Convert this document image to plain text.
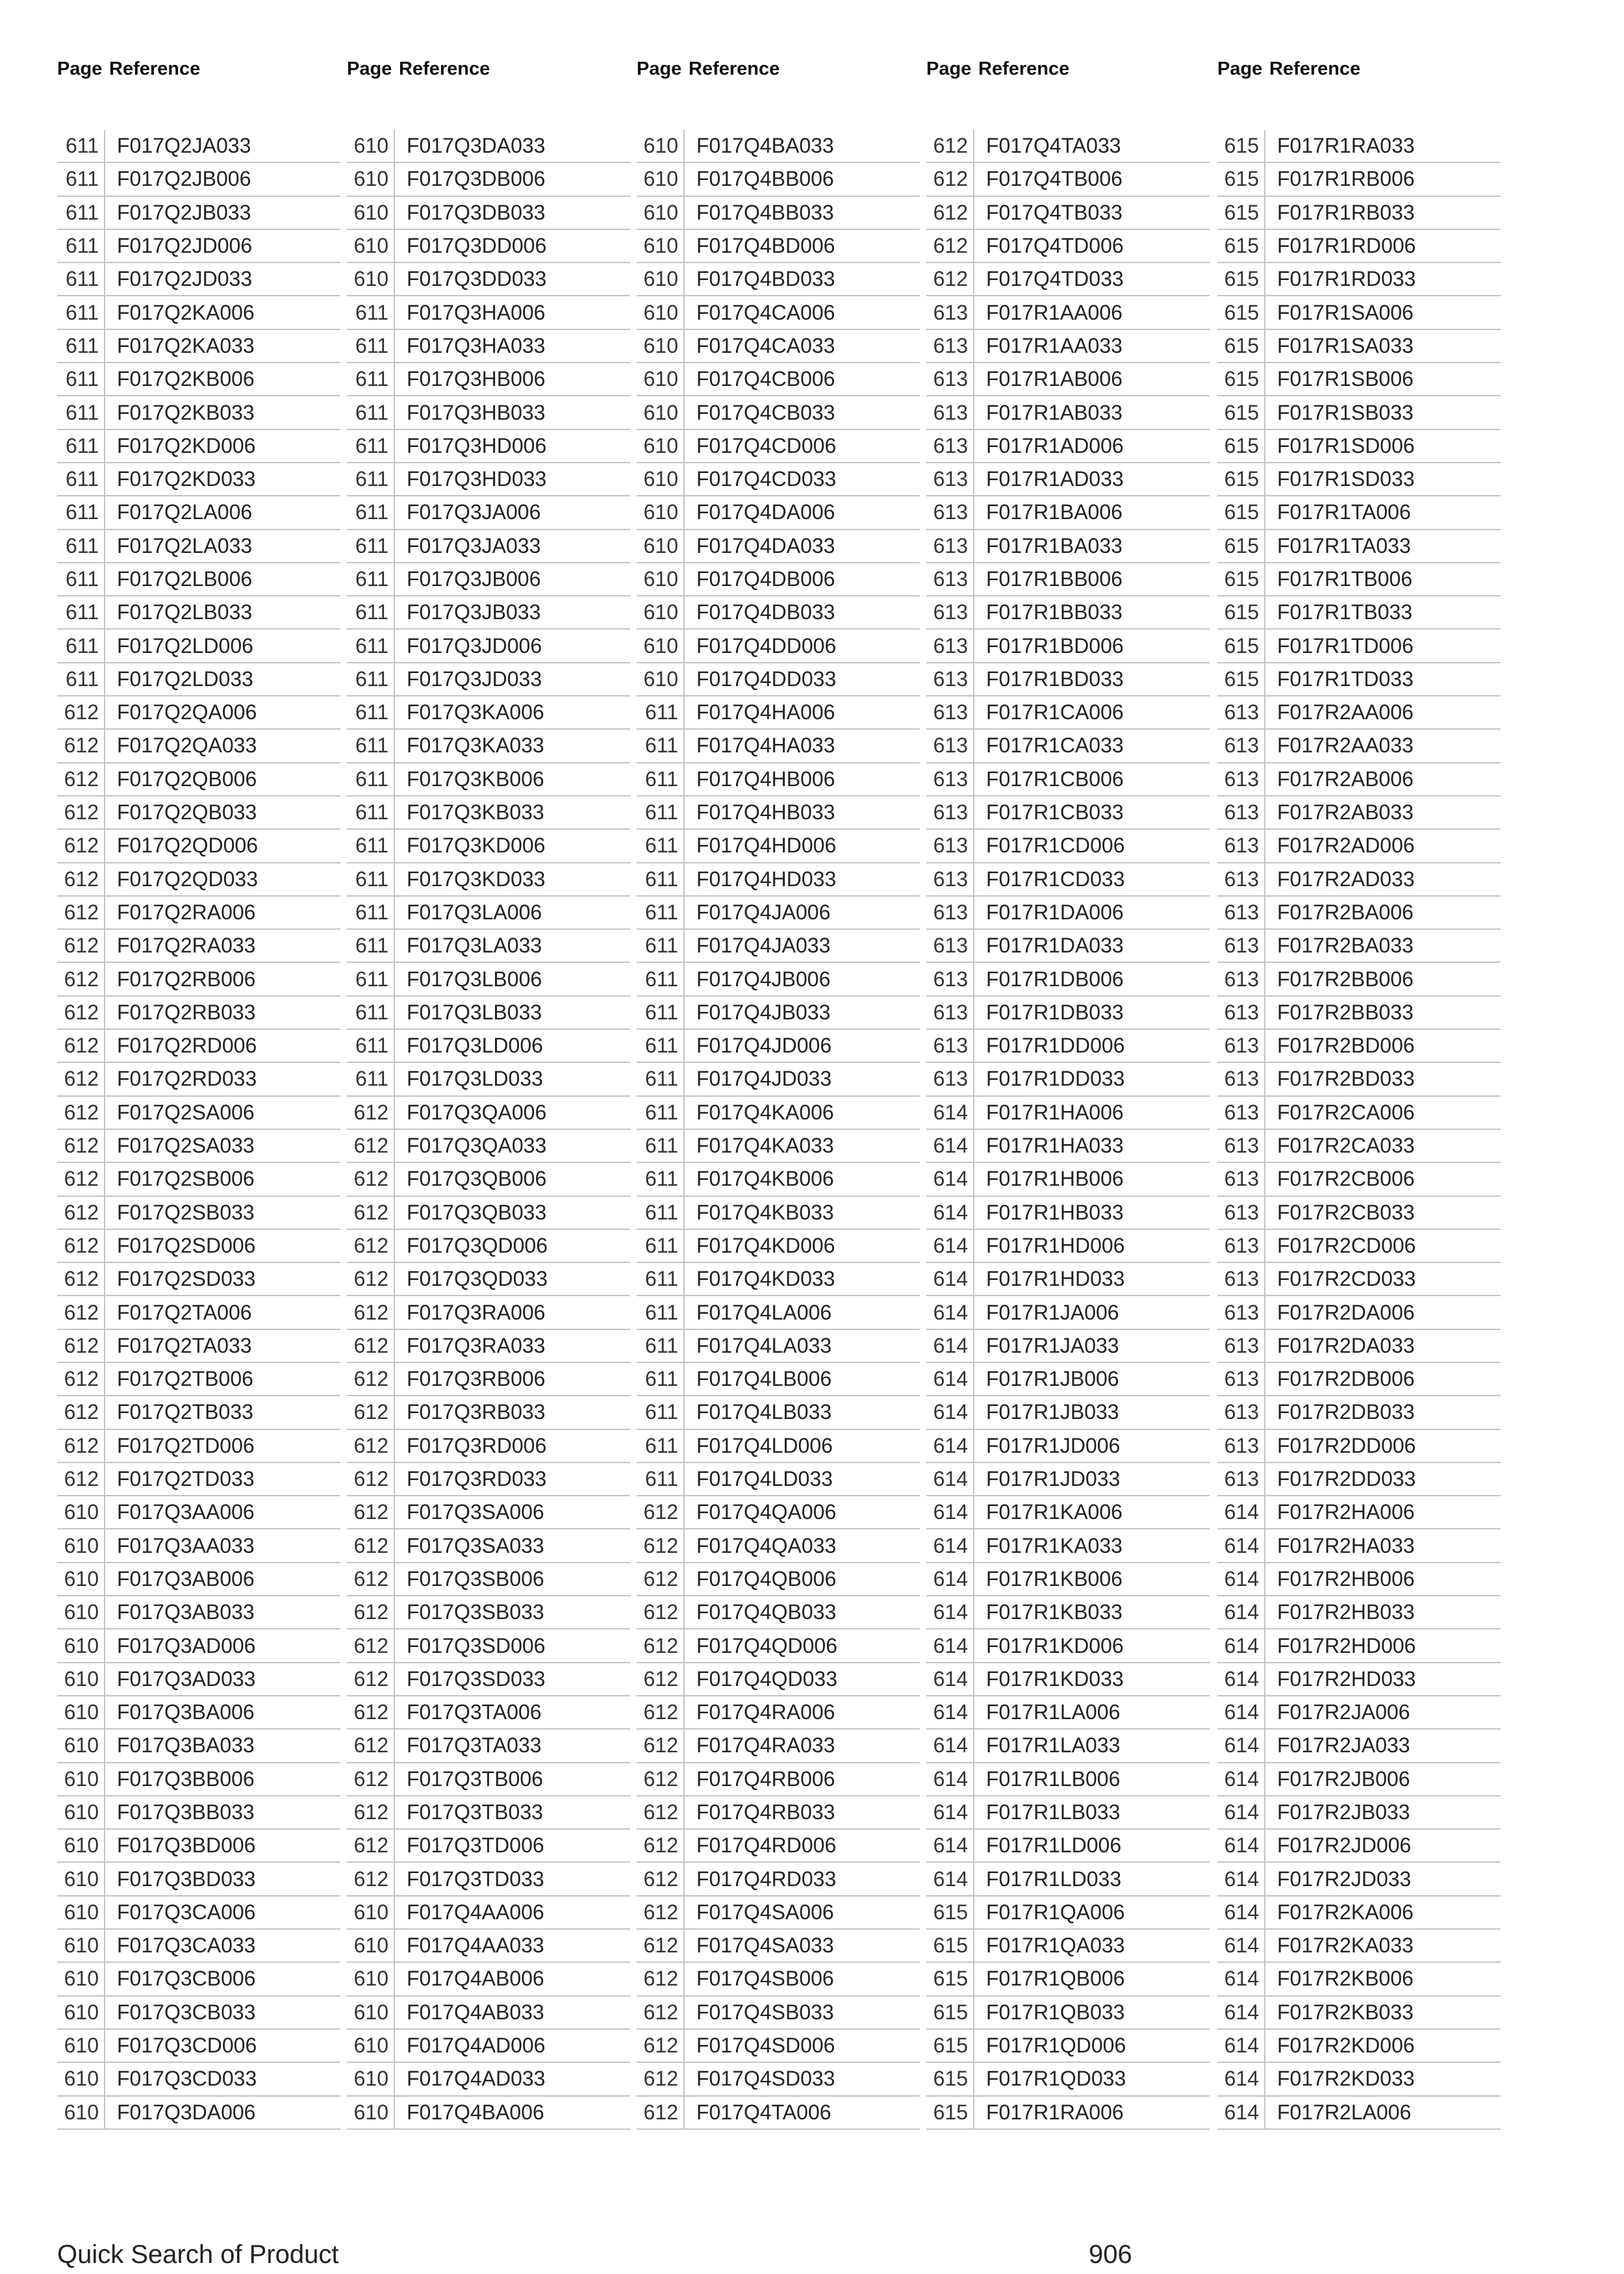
Page Reference
611 F017Q2JA033
611 F017Q2JB006
611 F017Q2JB033
611 F017Q2JD006
611 F017Q2JD033
611 F017Q2KA006
611 F017Q2KA033
611 F017Q2KB006
611 F017Q2KB033
611 F017Q2KD006
611 F017Q2KD033
611 F017Q2LA006
611 F017Q2LA033
611 F017Q2LB006
611 F017Q2LB033
611 F017Q2LD006
611 F017Q2LD033
612 F017Q2QA006
612 F017Q2QA033
612 F017Q2QB006
612 F017Q2QB033
612 F017Q2QD006
612 F017Q2QD033
612 F017Q2RA006
612 F017Q2RA033
612 F017Q2RB006
612 F017Q2RB033
612 F017Q2RD006
612 F017Q2RD033
612 F017Q2SA006
612 F017Q2SA033
612 F017Q2SB006
612 F017Q2SB033
612 F017Q2SD006
612 F017Q2SD033
612 F017Q2TA006
612 F017Q2TA033
612 F017Q2TB006
612 F017Q2TB033
612 F017Q2TD006
612 F017Q2TD033
610 F017Q3AA006
610 F017Q3AA033
610 F017Q3AB006
610 F017Q3AB033
610 F017Q3AD006
610 F017Q3AD033
610 F017Q3BA006
610 F017Q3BA033
610 F017Q3BB006
610 F017Q3BB033
610 F017Q3BD006
610 F017Q3BD033
610 F017Q3CA006
610 F017Q3CA033
610 F017Q3CB006
610 F017Q3CB033
610 F017Q3CD006
610 F017Q3CD033
610 F017Q3DA006
Page Reference
610 F017Q3DA033
610 F017Q3DB006
610 F017Q3DB033
610 F017Q3DD006
610 F017Q3DD033
611 F017Q3HA006
611 F017Q3HA033
611 F017Q3HB006
611 F017Q3HB033
611 F017Q3HD006
611 F017Q3HD033
611 F017Q3JA006
611 F017Q3JA033
611 F017Q3JB006
611 F017Q3JB033
611 F017Q3JD006
611 F017Q3JD033
611 F017Q3KA006
611 F017Q3KA033
611 F017Q3KB006
611 F017Q3KB033
611 F017Q3KD006
611 F017Q3KD033
611 F017Q3LA006
611 F017Q3LA033
611 F017Q3LB006
611 F017Q3LB033
611 F017Q3LD006
611 F017Q3LD033
612 F017Q3QA006
612 F017Q3QA033
612 F017Q3QB006
612 F017Q3QB033
612 F017Q3QD006
612 F017Q3QD033
612 F017Q3RA006
612 F017Q3RA033
612 F017Q3RB006
612 F017Q3RB033
612 F017Q3RD006
612 F017Q3RD033
612 F017Q3SA006
612 F017Q3SA033
612 F017Q3SB006
612 F017Q3SB033
612 F017Q3SD006
612 F017Q3SD033
612 F017Q3TA006
612 F017Q3TA033
612 F017Q3TB006
612 F017Q3TB033
612 F017Q3TD006
612 F017Q3TD033
610 F017Q4AA006
610 F017Q4AA033
610 F017Q4AB006
610 F017Q4AB033
610 F017Q4AD006
610 F017Q4AD033
610 F017Q4BA006
Page Reference
610 F017Q4BA033
610 F017Q4BB006
610 F017Q4BB033
610 F017Q4BD006
610 F017Q4BD033
610 F017Q4CA006
610 F017Q4CA033
610 F017Q4CB006
610 F017Q4CB033
610 F017Q4CD006
610 F017Q4CD033
610 F017Q4DA006
610 F017Q4DA033
610 F017Q4DB006
610 F017Q4DB033
610 F017Q4DD006
610 F017Q4DD033
611 F017Q4HA006
611 F017Q4HA033
611 F017Q4HB006
611 F017Q4HB033
611 F017Q4HD006
611 F017Q4HD033
611 F017Q4JA006
611 F017Q4JA033
611 F017Q4JB006
611 F017Q4JB033
611 F017Q4JD006
611 F017Q4JD033
611 F017Q4KA006
611 F017Q4KA033
611 F017Q4KB006
611 F017Q4KB033
611 F017Q4KD006
611 F017Q4KD033
611 F017Q4LA006
611 F017Q4LA033
611 F017Q4LB006
611 F017Q4LB033
611 F017Q4LD006
611 F017Q4LD033
612 F017Q4QA006
612 F017Q4QA033
612 F017Q4QB006
612 F017Q4QB033
612 F017Q4QD006
612 F017Q4QD033
612 F017Q4RA006
612 F017Q4RA033
612 F017Q4RB006
612 F017Q4RB033
612 F017Q4RD006
612 F017Q4RD033
612 F017Q4SA006
612 F017Q4SA033
612 F017Q4SB006
612 F017Q4SB033
612 F017Q4SD006
612 F017Q4SD033
612 F017Q4TA006
Page Reference
612 F017Q4TA033
612 F017Q4TB006
612 F017Q4TB033
612 F017Q4TD006
612 F017Q4TD033
613 F017R1AA006
613 F017R1AA033
613 F017R1AB006
613 F017R1AB033
613 F017R1AD006
613 F017R1AD033
613 F017R1BA006
613 F017R1BA033
613 F017R1BB006
613 F017R1BB033
613 F017R1BD006
613 F017R1BD033
613 F017R1CA006
613 F017R1CA033
613 F017R1CB006
613 F017R1CB033
613 F017R1CD006
613 F017R1CD033
613 F017R1DA006
613 F017R1DA033
613 F017R1DB006
613 F017R1DB033
613 F017R1DD006
613 F017R1DD033
614 F017R1HA006
614 F017R1HA033
614 F017R1HB006
614 F017R1HB033
614 F017R1HD006
614 F017R1HD033
614 F017R1JA006
614 F017R1JA033
614 F017R1JB006
614 F017R1JB033
614 F017R1JD006
614 F017R1JD033
614 F017R1KA006
614 F017R1KA033
614 F017R1KB006
614 F017R1KB033
614 F017R1KD006
614 F017R1KD033
614 F017R1LA006
614 F017R1LA033
614 F017R1LB006
614 F017R1LB033
614 F017R1LD006
614 F017R1LD033
615 F017R1QA006
615 F017R1QA033
615 F017R1QB006
615 F017R1QB033
615 F017R1QD006
615 F017R1QD033
615 F017R1RA006
Page Reference
615 F017R1RA033
615 F017R1RB006
615 F017R1RB033
615 F017R1RD006
615 F017R1RD033
615 F017R1SA006
615 F017R1SA033
615 F017R1SB006
615 F017R1SB033
615 F017R1SD006
615 F017R1SD033
615 F017R1TA006
615 F017R1TA033
615 F017R1TB006
615 F017R1TB033
615 F017R1TD006
615 F017R1TD033
613 F017R2AA006
613 F017R2AA033
613 F017R2AB006
613 F017R2AB033
613 F017R2AD006
613 F017R2AD033
613 F017R2BA006
613 F017R2BA033
613 F017R2BB006
613 F017R2BB033
613 F017R2BD006
613 F017R2BD033
613 F017R2CA006
613 F017R2CA033
613 F017R2CB006
613 F017R2CB033
613 F017R2CD006
613 F017R2CD033
613 F017R2DA006
613 F017R2DA033
613 F017R2DB006
613 F017R2DB033
613 F017R2DD006
613 F017R2DD033
614 F017R2HA006
614 F017R2HA033
614 F017R2HB006
614 F017R2HB033
614 F017R2HD006
614 F017R2HD033
614 F017R2JA006
614 F017R2JA033
614 F017R2JB006
614 F017R2JB033
614 F017R2JD006
614 F017R2JD033
614 F017R2KA006
614 F017R2KA033
614 F017R2KB006
614 F017R2KB033
614 F017R2KD006
614 F017R2KD033
614 F017R2LA006
Quick Search of Product	906
